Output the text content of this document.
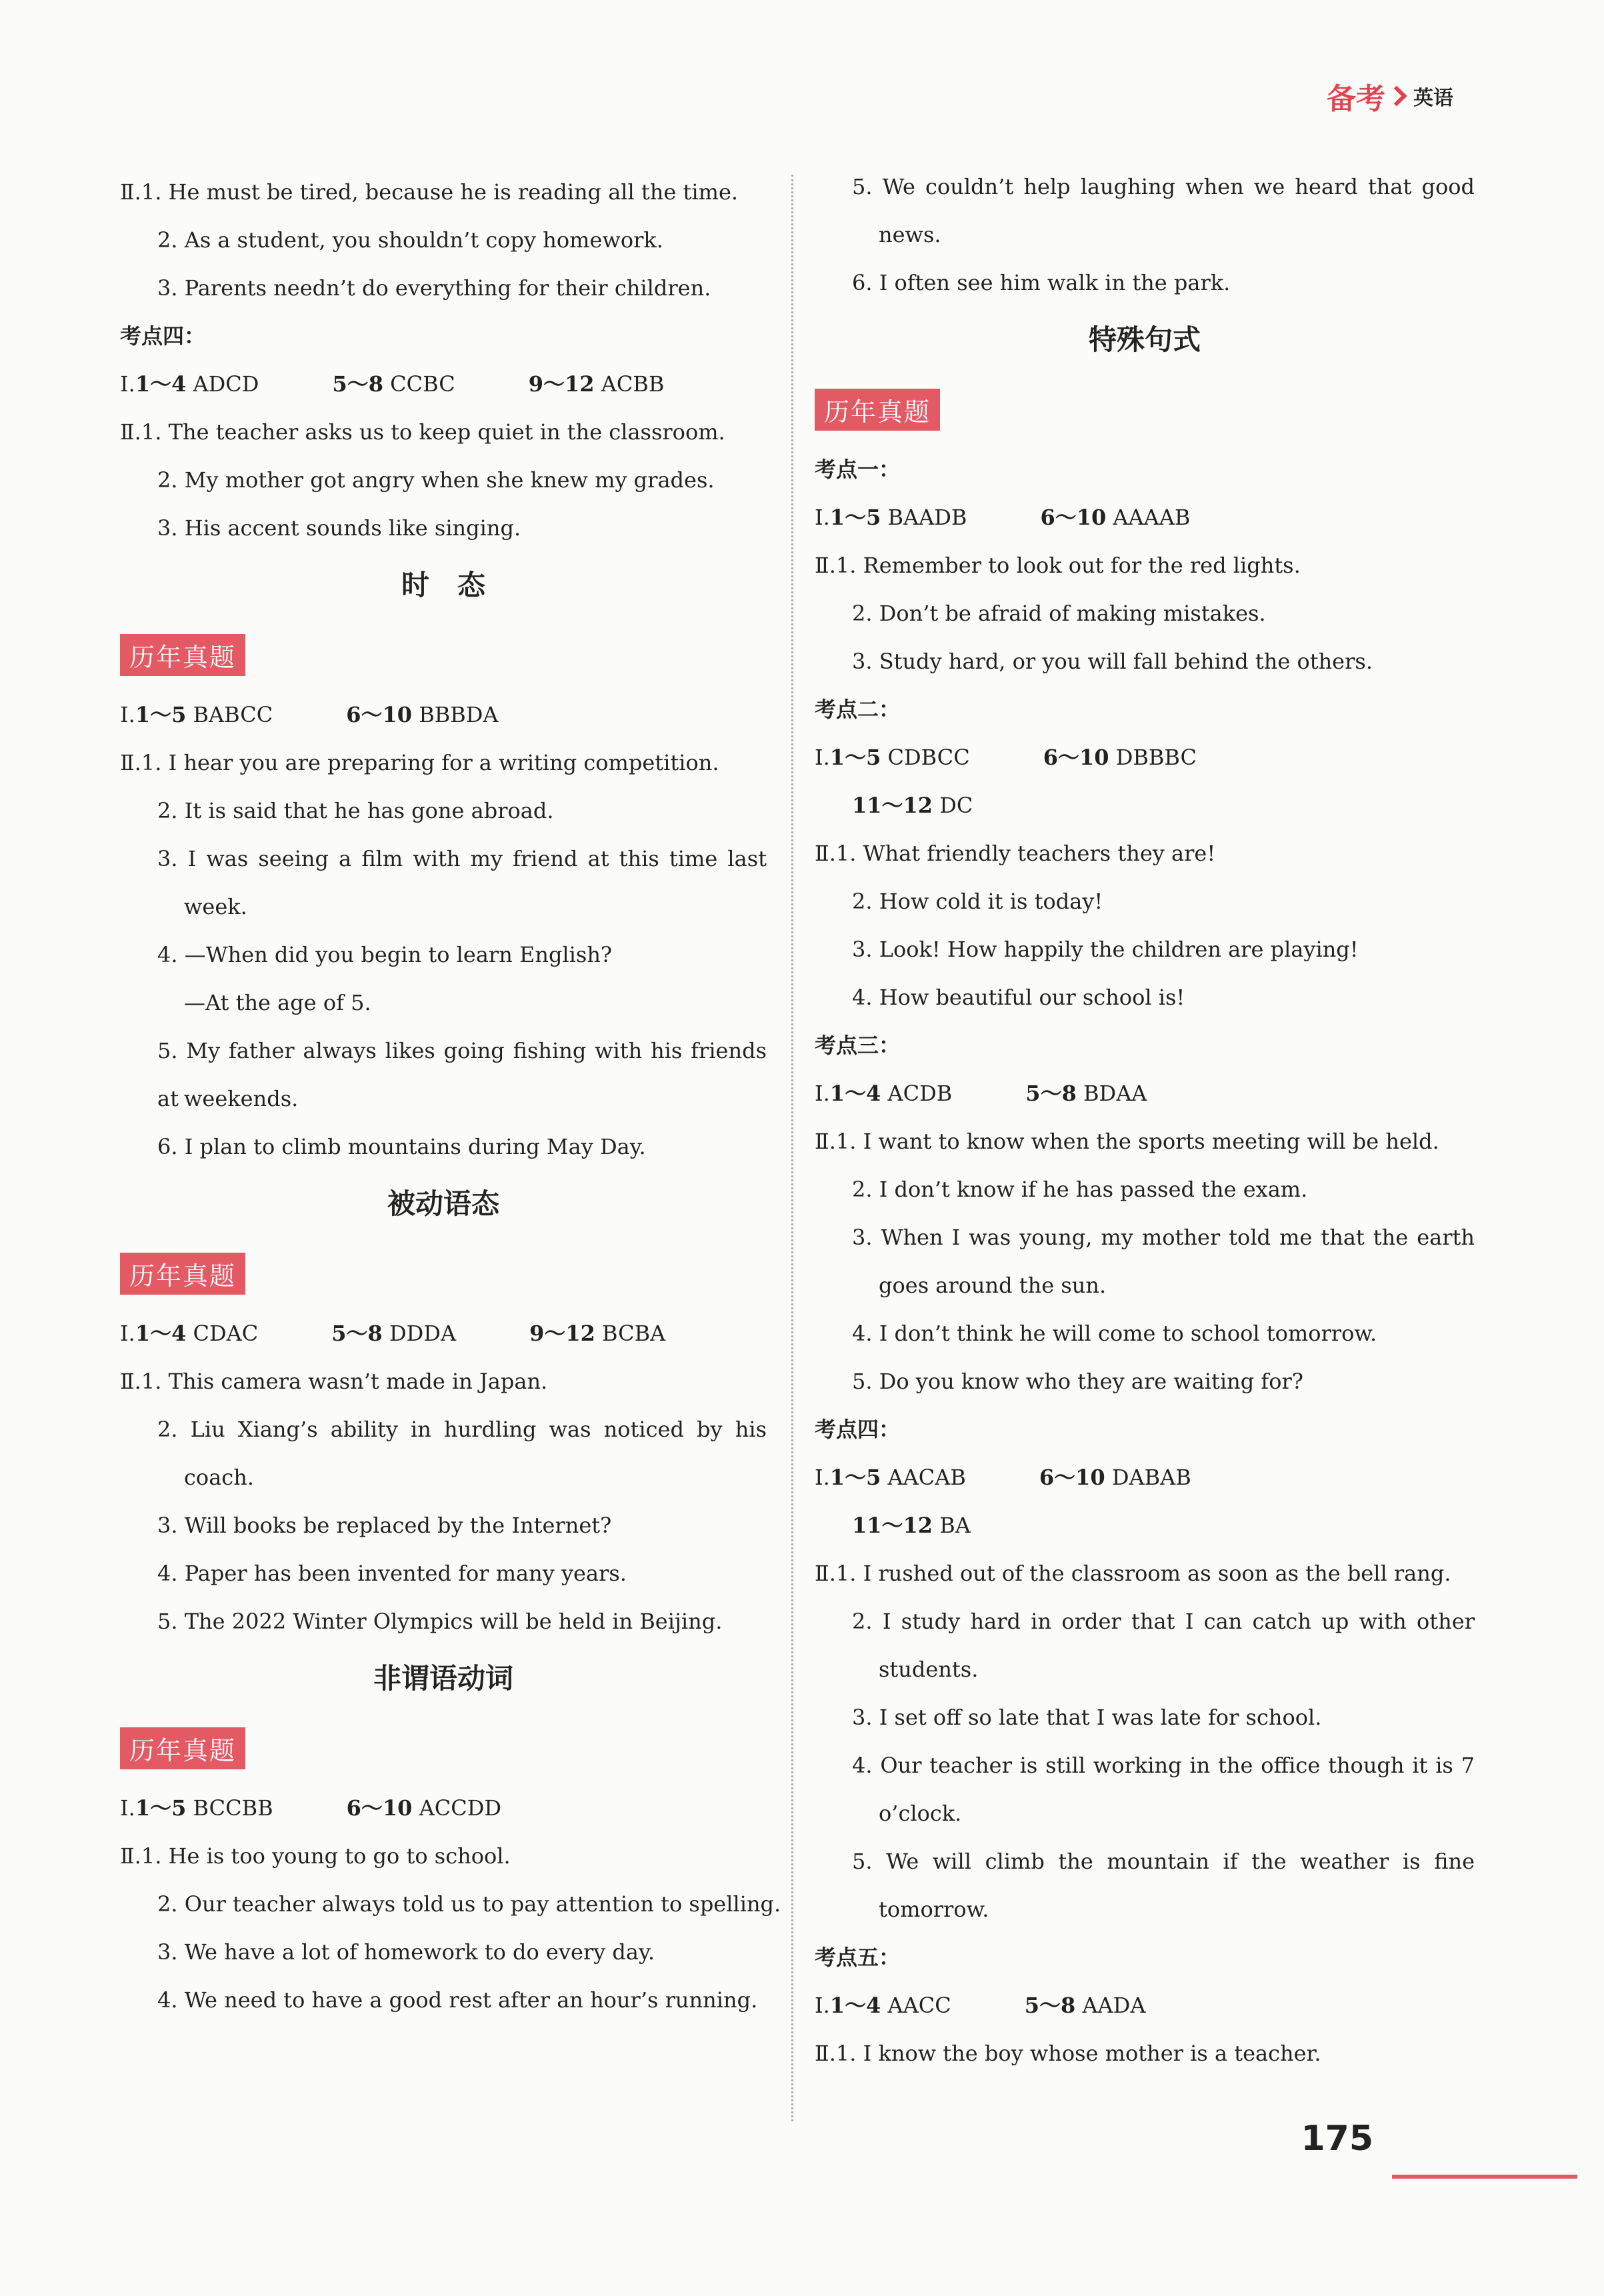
备考 英语
Ⅱ.1. He must be tired, because he is reading all the time.
2. As a student, you shouldn’t copy homework.
3. Parents needn’t do everything for their children.
考点四：
Ⅰ.1～4 ADCD	5～8 CCBC	9～12 ACBB
Ⅱ.1. The teacher asks us to keep quiet in the classroom.
2. My mother got angry when she knew my grades.
3. His accent sounds like singing.
时　态
历年真题
Ⅰ.1～5 BABCC	6～10 BBBDA
Ⅱ.1. I hear you are preparing for a writing competition.
2. It is said that he has gone abroad.
3. I was seeing a film with my friend at this time last
week.
4. —When did you begin to learn English?
—At the age of 5.
5. My father always likes going fishing with his friends at weekends.
6. I plan to climb mountains during May Day.
被动语态
历年真题
Ⅰ.1～4 CDAC	5～8 DDDA	9～12 BCBA
Ⅱ.1. This camera wasn’t made in Japan.
2. Liu Xiang’s ability in hurdling was noticed by his
coach.
3. Will books be replaced by the Internet?
4. Paper has been invented for many years.
5. The 2022 Winter Olympics will be held in Beijing.
非谓语动词
历年真题
Ⅰ.1～5 BCCBB	6～10 ACCDD
Ⅱ.1. He is too young to go to school.
2. Our teacher always told us to pay attention to spelling.
3. We have a lot of homework to do every day.
4. We need to have a good rest after an hour’s running.
5. We couldn’t help laughing when we heard that good
news.
6. I often see him walk in the park.
特殊句式
历年真题
考点一：
Ⅰ.1～5 BAADB	6～10 AAAAB
Ⅱ.1. Remember to look out for the red lights.
2. Don’t be afraid of making mistakes.
3. Study hard, or you will fall behind the others.
考点二：
Ⅰ.1～5 CDBCC	6～10 DBBBC
11～12 DC
Ⅱ.1. What friendly teachers they are!
2. How cold it is today!
3. Look! How happily the children are playing!
4. How beautiful our school is!
考点三：
Ⅰ.1～4 ACDB	5～8 BDAA
Ⅱ.1. I want to know when the sports meeting will be held.
2. I don’t know if he has passed the exam.
3. When I was young, my mother told me that the earth
goes around the sun.
4. I don’t think he will come to school tomorrow.
5. Do you know who they are waiting for?
考点四：
Ⅰ.1～5 AACAB	6～10 DABAB
11～12 BA
Ⅱ.1. I rushed out of the classroom as soon as the bell rang.
2. I study hard in order that I can catch up with other
students.
3. I set off so late that I was late for school.
4. Our teacher is still working in the office though it is 7
o’clock.
5. We will climb the mountain if the weather is fine
tomorrow.
考点五：
Ⅰ.1～4 AACC	5～8 AADA
Ⅱ.1. I know the boy whose mother is a teacher.
175
